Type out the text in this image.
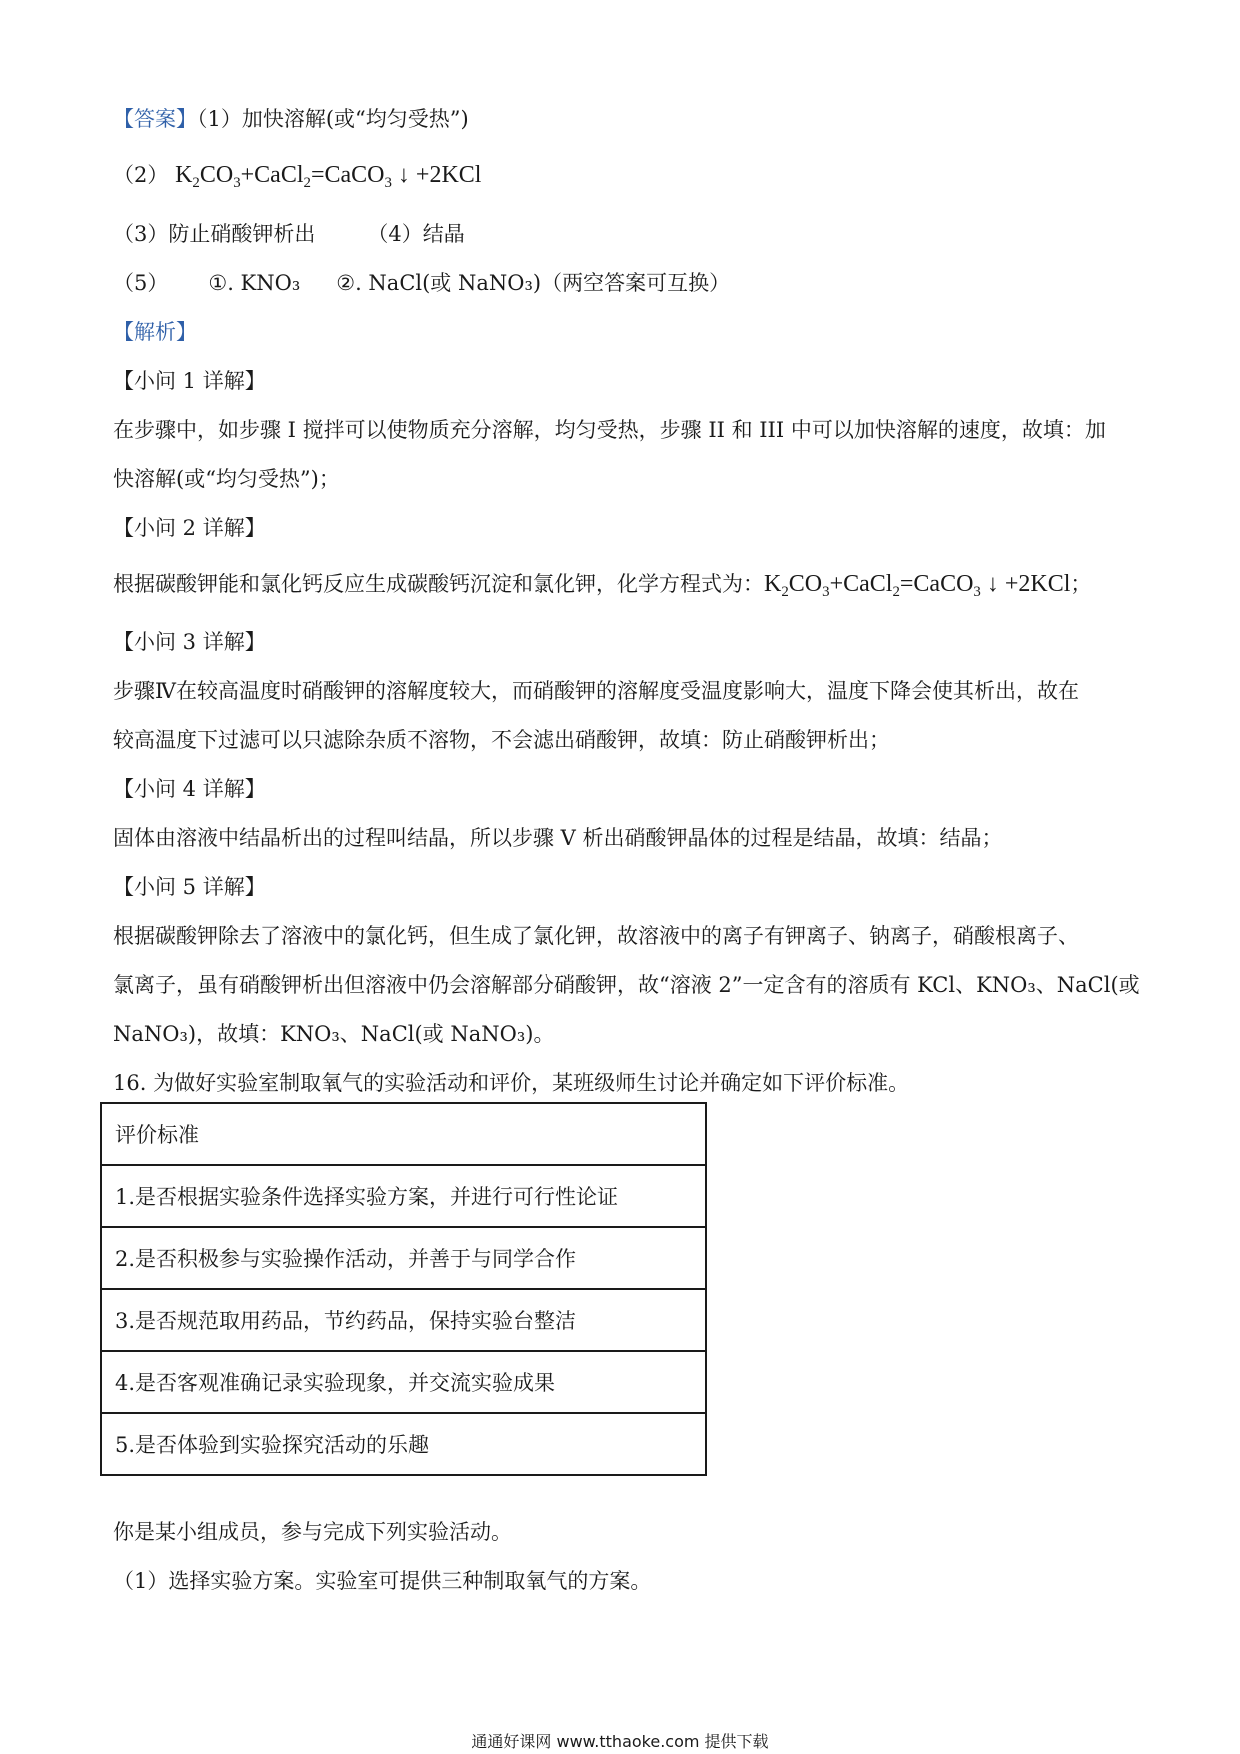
【答案】（1）加快溶解(或“均匀受热”)
（2） $K_2CO_3+CaCl_2=CaCO_3$ ↓ +2KCl
（3）防止硝酸钾析出 （4）结晶
（5） ①. KNO₃ ②. NaCl(或 NaNO₃)（两空答案可互换）
【解析】
【小问 1 详解】
在步骤中，如步骤 I 搅拌可以使物质充分溶解，均匀受热，步骤 II 和 III 中可以加快溶解的速度，故填：加
快溶解(或“均匀受热”)；
【小问 2 详解】
根据碳酸钾能和氯化钙反应生成碳酸钙沉淀和氯化钾，化学方程式为：$K_2CO_3+CaCl_2=CaCO_3$ ↓ +2KCl；
【小问 3 详解】
步骤Ⅳ在较高温度时硝酸钾的溶解度较大，而硝酸钾的溶解度受温度影响大，温度下降会使其析出，故在
较高温度下过滤可以只滤除杂质不溶物，不会滤出硝酸钾，故填：防止硝酸钾析出；
【小问 4 详解】
固体由溶液中结晶析出的过程叫结晶，所以步骤 V 析出硝酸钾晶体的过程是结晶，故填：结晶；
【小问 5 详解】
根据碳酸钾除去了溶液中的氯化钙，但生成了氯化钾，故溶液中的离子有钾离子、钠离子，硝酸根离子、
氯离子，虽有硝酸钾析出但溶液中仍会溶解部分硝酸钾，故“溶液 2”一定含有的溶质有 KCl、KNO₃、NaCl(或
NaNO₃)，故填：KNO₃、NaCl(或 NaNO₃)。
16. 为做好实验室制取氧气的实验活动和评价，某班级师生讨论并确定如下评价标准。
评价标准
1.是否根据实验条件选择实验方案，并进行可行性论证
2.是否积极参与实验操作活动，并善于与同学合作
3.是否规范取用药品，节约药品，保持实验台整洁
4.是否客观准确记录实验现象，并交流实验成果
5.是否体验到实验探究活动的乐趣
你是某小组成员，参与完成下列实验活动。
（1）选择实验方案。实验室可提供三种制取氧气的方案。
通通好课网 www.tthaoke.com 提供下载
